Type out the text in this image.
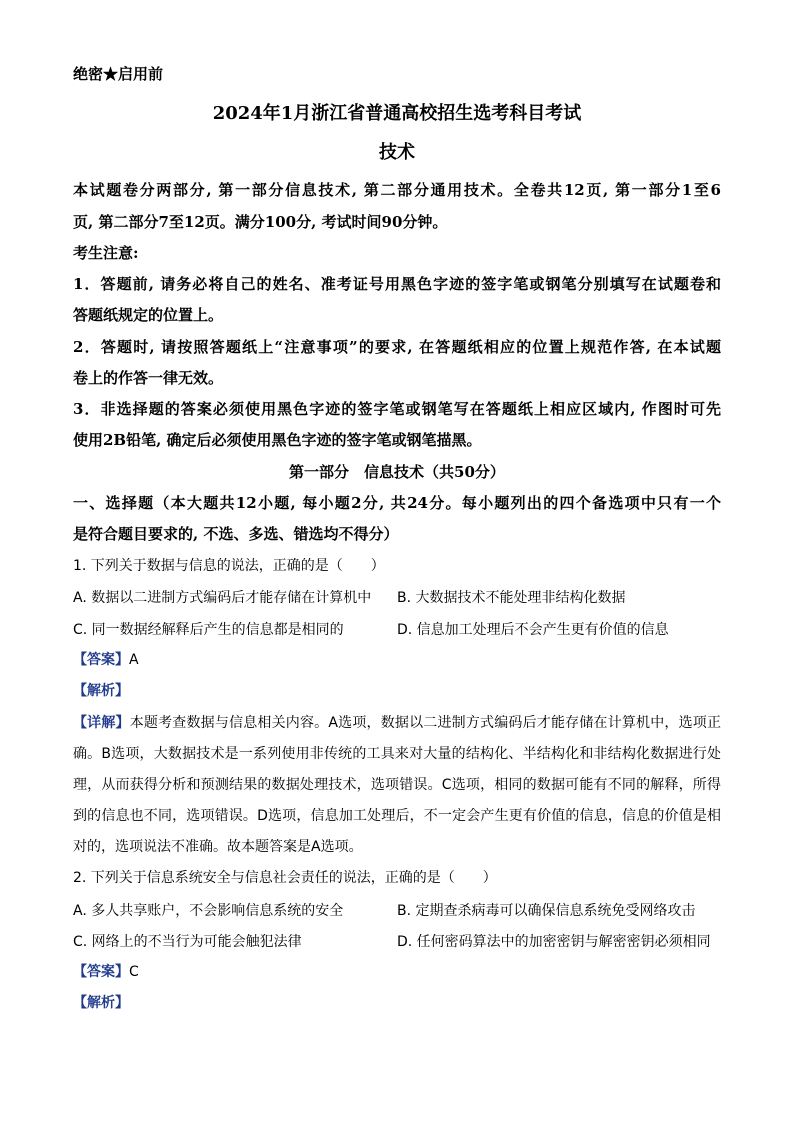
绝密★启用前
2024年1月浙江省普通高校招生选考科目考试
技术
本试题卷分两部分, 第一部分信息技术, 第二部分通用技术。全卷共12页, 第一部分1至6
页, 第二部分7至12页。满分100分, 考试时间90分钟。
考生注意:
1．答题前, 请务必将自己的姓名、准考证号用黑色字迹的签字笔或钢笔分别填写在试题卷和
答题纸规定的位置上。
2．答题时, 请按照答题纸上“注意事项”的要求, 在答题纸相应的位置上规范作答, 在本试题
卷上的作答一律无效。
3．非选择题的答案必须使用黑色字迹的签字笔或钢笔写在答题纸上相应区域内, 作图时可先
使用2B铅笔, 确定后必须使用黑色字迹的签字笔或钢笔描黑。
第一部分　信息技术（共50分）
一、选择题（本大题共12小题, 每小题2分, 共24分。每小题列出的四个备选项中只有一个
是符合题目要求的, 不选、多选、错选均不得分）
1. 下列关于数据与信息的说法，正确的是（　　）
A. 数据以二进制方式编码后才能存储在计算机中 B. 大数据技术不能处理非结构化数据
C. 同一数据经解释后产生的信息都是相同的	D. 信息加工处理后不会产生更有价值的信息
【答案】A
【解析】
【详解】本题考查数据与信息相关内容。A选项，数据以二进制方式编码后才能存储在计算机中，选项正
确。B选项，大数据技术是一系列使用非传统的工具来对大量的结构化、半结构化和非结构化数据进行处
理，从而获得分析和预测结果的数据处理技术，选项错误。C选项，相同的数据可能有不同的解释，所得
到的信息也不同，选项错误。D选项，信息加工处理后，不一定会产生更有价值的信息，信息的价值是相
对的，选项说法不准确。故本题答案是A选项。
2. 下列关于信息系统安全与信息社会责任的说法，正确的是（　　）
A. 多人共享账户，不会影响信息系统的安全	B. 定期查杀病毒可以确保信息系统免受网络攻击
C. 网络上的不当行为可能会触犯法律	D. 任何密码算法中的加密密钥与解密密钥必须相同
【答案】C
【解析】
